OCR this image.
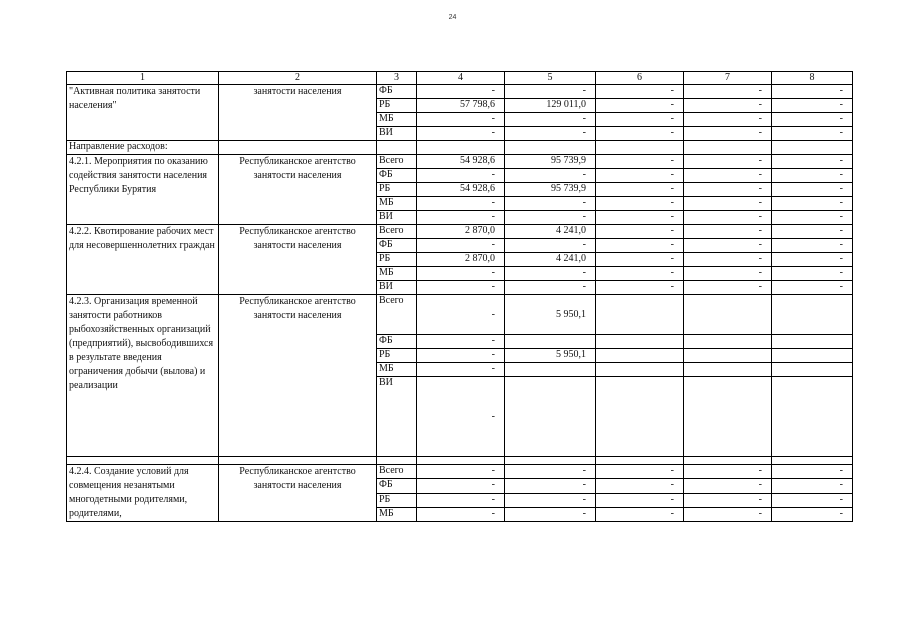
24
1	2	3	4	5	6	7	8
"Активная политика занятости населения"	занятости населения	ФБ	-	-	-	-	-
		РБ	57 798,6	129 011,0	-	-	-
		МБ	-	-	-	-	-
		ВИ	-	-	-	-	-
Направление расходов:							
4.2.1. Мероприятия по оказанию содействия занятости населения Республики Бурятия	Республиканское агентство занятости населения	Всего	54 928,6	95 739,9	-	-	-
		ФБ	-	-	-	-	-
		РБ	54 928,6	95 739,9	-	-	-
		МБ	-	-	-	-	-
		ВИ	-	-	-	-	-
4.2.2. Квотирование рабочих мест для несовершеннолетних граждан	Республиканское агентство занятости населения	Всего	2 870,0	4 241,0	-	-	-
		ФБ	-	-	-	-	-
		РБ	2 870,0	4 241,0	-	-	-
		МБ	-	-	-	-	-
		ВИ	-	-	-	-	-
4.2.3. Организация временной занятости работников рыбохозяйственных организаций (предприятий), высвободившихся в результате введения ограничения добычи (вылова) и реализации	Республиканское агентство занятости населения	Всего	-	5 950,1			
		ФБ	-				
		РБ	-	5 950,1			
		МБ	-				
		ВИ	-				

4.2.4. Создание условий для совмещения незанятыми многодетными родителями, родителями,	Республиканское агентство занятости населения	Всего	-	-	-	-	-
		ФБ	-	-	-	-	-
		РБ	-	-	-	-	-
		МБ	-	-	-	-	-
